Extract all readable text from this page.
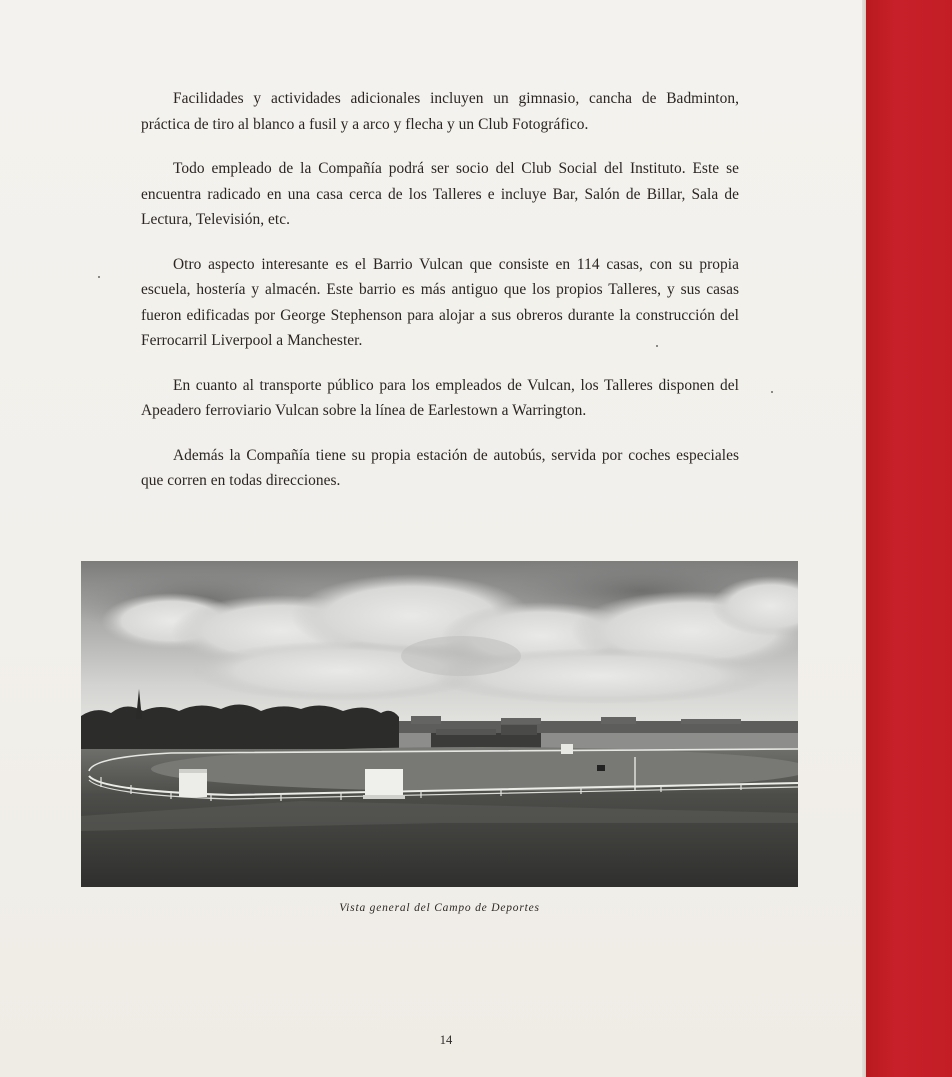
Facilidades y actividades adicionales incluyen un gimnasio, cancha de Badminton, práctica de tiro al blanco a fusil y a arco y flecha y un Club Fotográfico.

Todo empleado de la Compañía podrá ser socio del Club Social del Instituto. Este se encuentra radicado en una casa cerca de los Talleres e incluye Bar, Salón de Billar, Sala de Lectura, Televisión, etc.

Otro aspecto interesante es el Barrio Vulcan que consiste en 114 casas, con su propia escuela, hostería y almacén. Este barrio es más antiguo que los propios Talleres, y sus casas fueron edificadas por George Stephenson para alojar a sus obreros durante la construcción del Ferrocarril Liverpool a Manchester.

En cuanto al transporte público para los empleados de Vulcan, los Talleres disponen del Apeadero ferroviario Vulcan sobre la línea de Earlestown a Warrington.

Además la Compañía tiene su propia estación de autobús, servida por coches especiales que corren en todas direcciones.

Vista general del Campo de Deportes
14
